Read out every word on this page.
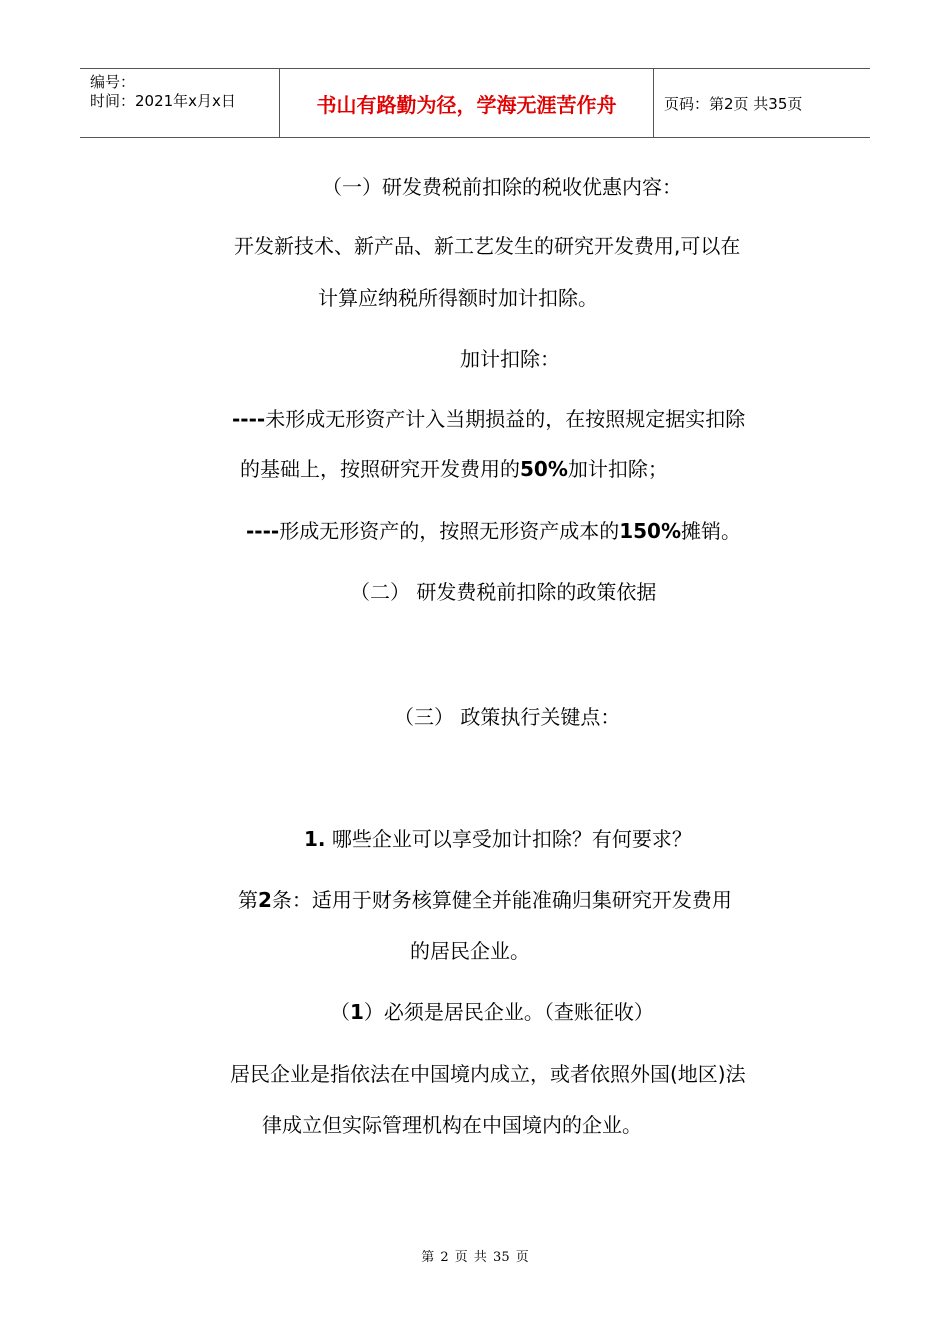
编号：
时间：2021年x月x日	书山有路勤为径，学海无涯苦作舟	页码：第2页 共35页
（一）研发费税前扣除的税收优惠内容：
开发新技术、新产品、新工艺发生的研究开发费用,可以在
计算应纳税所得额时加计扣除。
加计扣除：
----未形成无形资产计入当期损益的，在按照规定据实扣除
的基础上，按照研究开发费用的50%加计扣除；
----形成无形资产的，按照无形资产成本的150%摊销。
（二） 研发费税前扣除的政策依据
（三） 政策执行关键点：
1. 哪些企业可以享受加计扣除？有何要求？
第2条：适用于财务核算健全并能准确归集研究开发费用
的居民企业。
（1）必须是居民企业。（查账征收）
居民企业是指依法在中国境内成立，或者依照外国(地区)法
律成立但实际管理机构在中国境内的企业。
第 2 页 共 35 页
